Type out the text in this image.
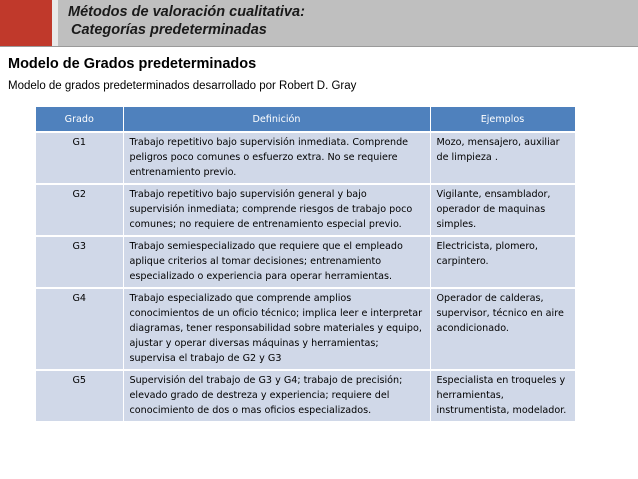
Métodos de valoración cualitativa:
Categorías predeterminadas
Modelo de Grados predeterminados
Modelo de grados predeterminados desarrollado por Robert D. Gray
Grado	Definición	Ejemplos
G1	Trabajo repetitivo bajo supervisión inmediata. Comprende peligros poco comunes o esfuerzo extra. No se requiere entrenamiento previo.	Mozo, mensajero, auxiliar de limpieza .
G2	Trabajo repetitivo bajo supervisión general y bajo supervisión inmediata; comprende riesgos de trabajo poco comunes; no requiere de entrenamiento especial previo.	Vigilante, ensamblador, operador de maquinas simples.
G3	Trabajo semiespecializado que requiere que el empleado aplique criterios al tomar decisiones; entrenamiento especializado o experiencia para operar herramientas.	Electricista, plomero, carpintero.
G4	Trabajo especializado que comprende amplios conocimientos de un oficio técnico; implica leer e interpretar diagramas, tener responsabilidad sobre materiales y equipo, ajustar y operar diversas máquinas y herramientas; supervisa el trabajo de G2 y G3	Operador de calderas, supervisor, técnico en aire acondicionado.
G5	Supervisión del trabajo de G3 y G4; trabajo de precisión; elevado grado de destreza y experiencia; requiere del conocimiento de dos o mas oficios especializados.	Especialista en troqueles y herramientas, instrumentista, modelador.
